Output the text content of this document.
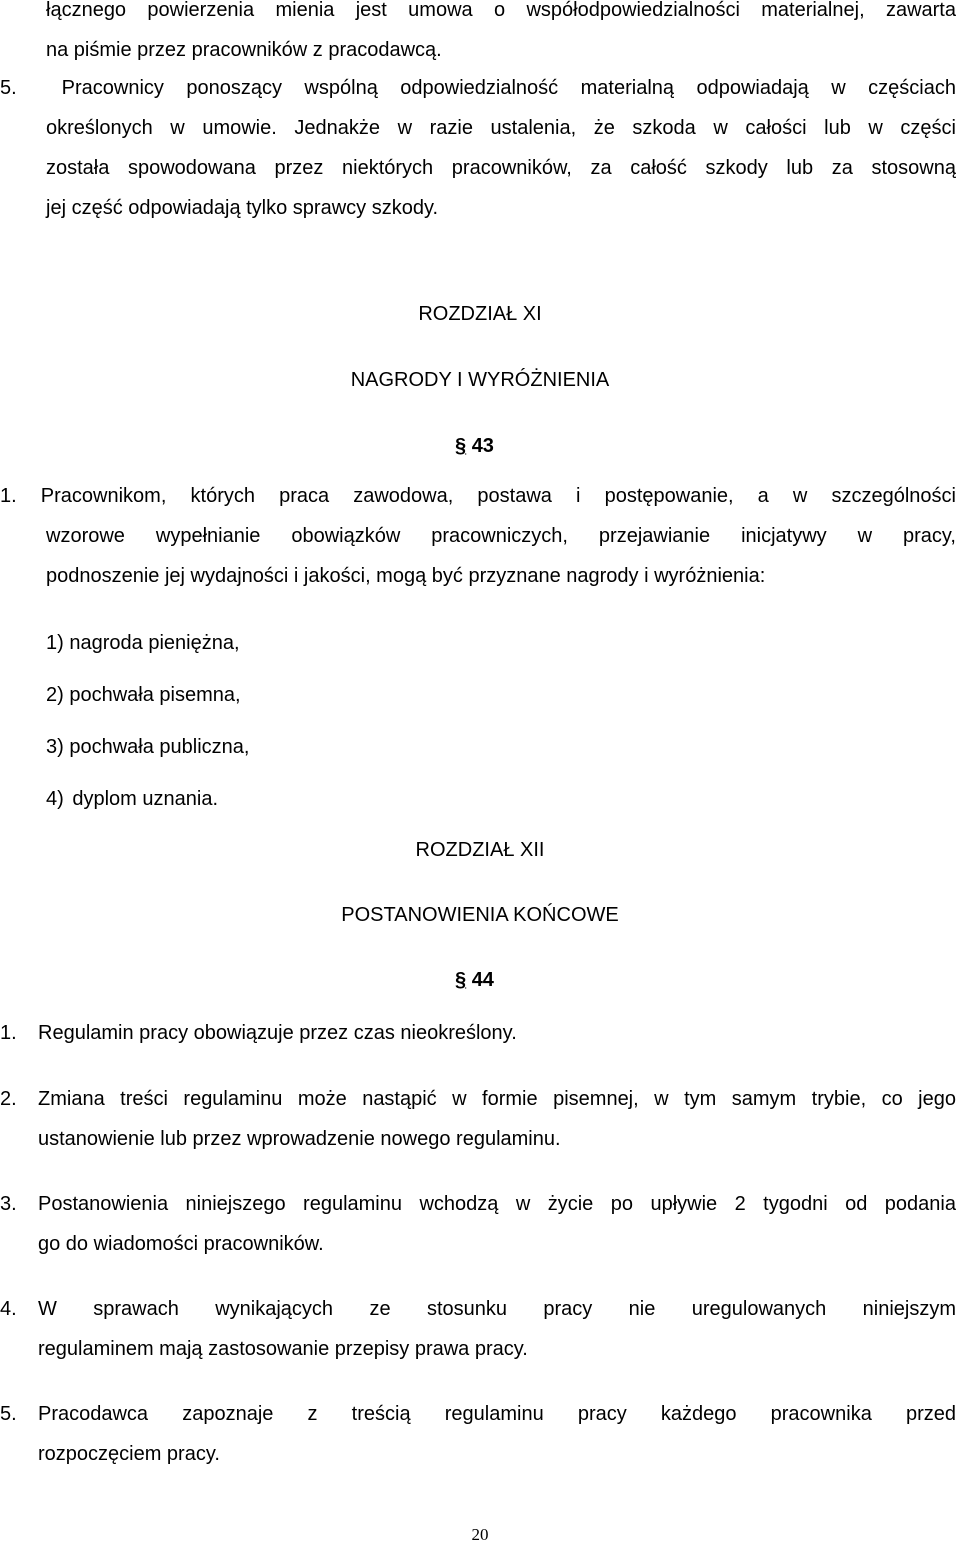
łącznego powierzenia mienia jest umowa o współodpowiedzialności materialnej, zawarta
na piśmie przez pracowników z pracodawcą.
5. Pracownicy ponoszący wspólną odpowiedzialność materialną odpowiadają w częściach
określonych w umowie. Jednakże w razie ustalenia, że szkoda w całości lub w części
została spowodowana przez niektórych pracowników, za całość szkody lub za stosowną
jej część odpowiadają tylko sprawcy szkody.
ROZDZIAŁ XI
NAGRODY I WYRÓŻNIENIA
§ 43
1. Pracownikom, których praca zawodowa, postawa i postępowanie, a w szczególności
wzorowe wypełnianie obowiązków pracowniczych, przejawianie inicjatywy w pracy,
podnoszenie jej wydajności i jakości, mogą być przyznane nagrody i wyróżnienia:
1) nagroda pieniężna,
2) pochwała pisemna,
3) pochwała publiczna,
4) dyplom uznania.
ROZDZIAŁ XII
POSTANOWIENIA KOŃCOWE
§ 44
1. Regulamin pracy obowiązuje przez czas nieokreślony.
2. Zmiana treści regulaminu może nastąpić w formie pisemnej, w tym samym trybie, co jego
ustanowienie lub przez wprowadzenie nowego regulaminu.
3. Postanowienia niniejszego regulaminu wchodzą w życie po upływie 2 tygodni od podania
go do wiadomości pracowników.
4. W sprawach wynikających ze stosunku pracy nie uregulowanych niniejszym
regulaminem mają zastosowanie przepisy prawa pracy.
5. Pracodawca zapoznaje z treścią regulaminu pracy każdego pracownika przed
rozpoczęciem pracy.
20
